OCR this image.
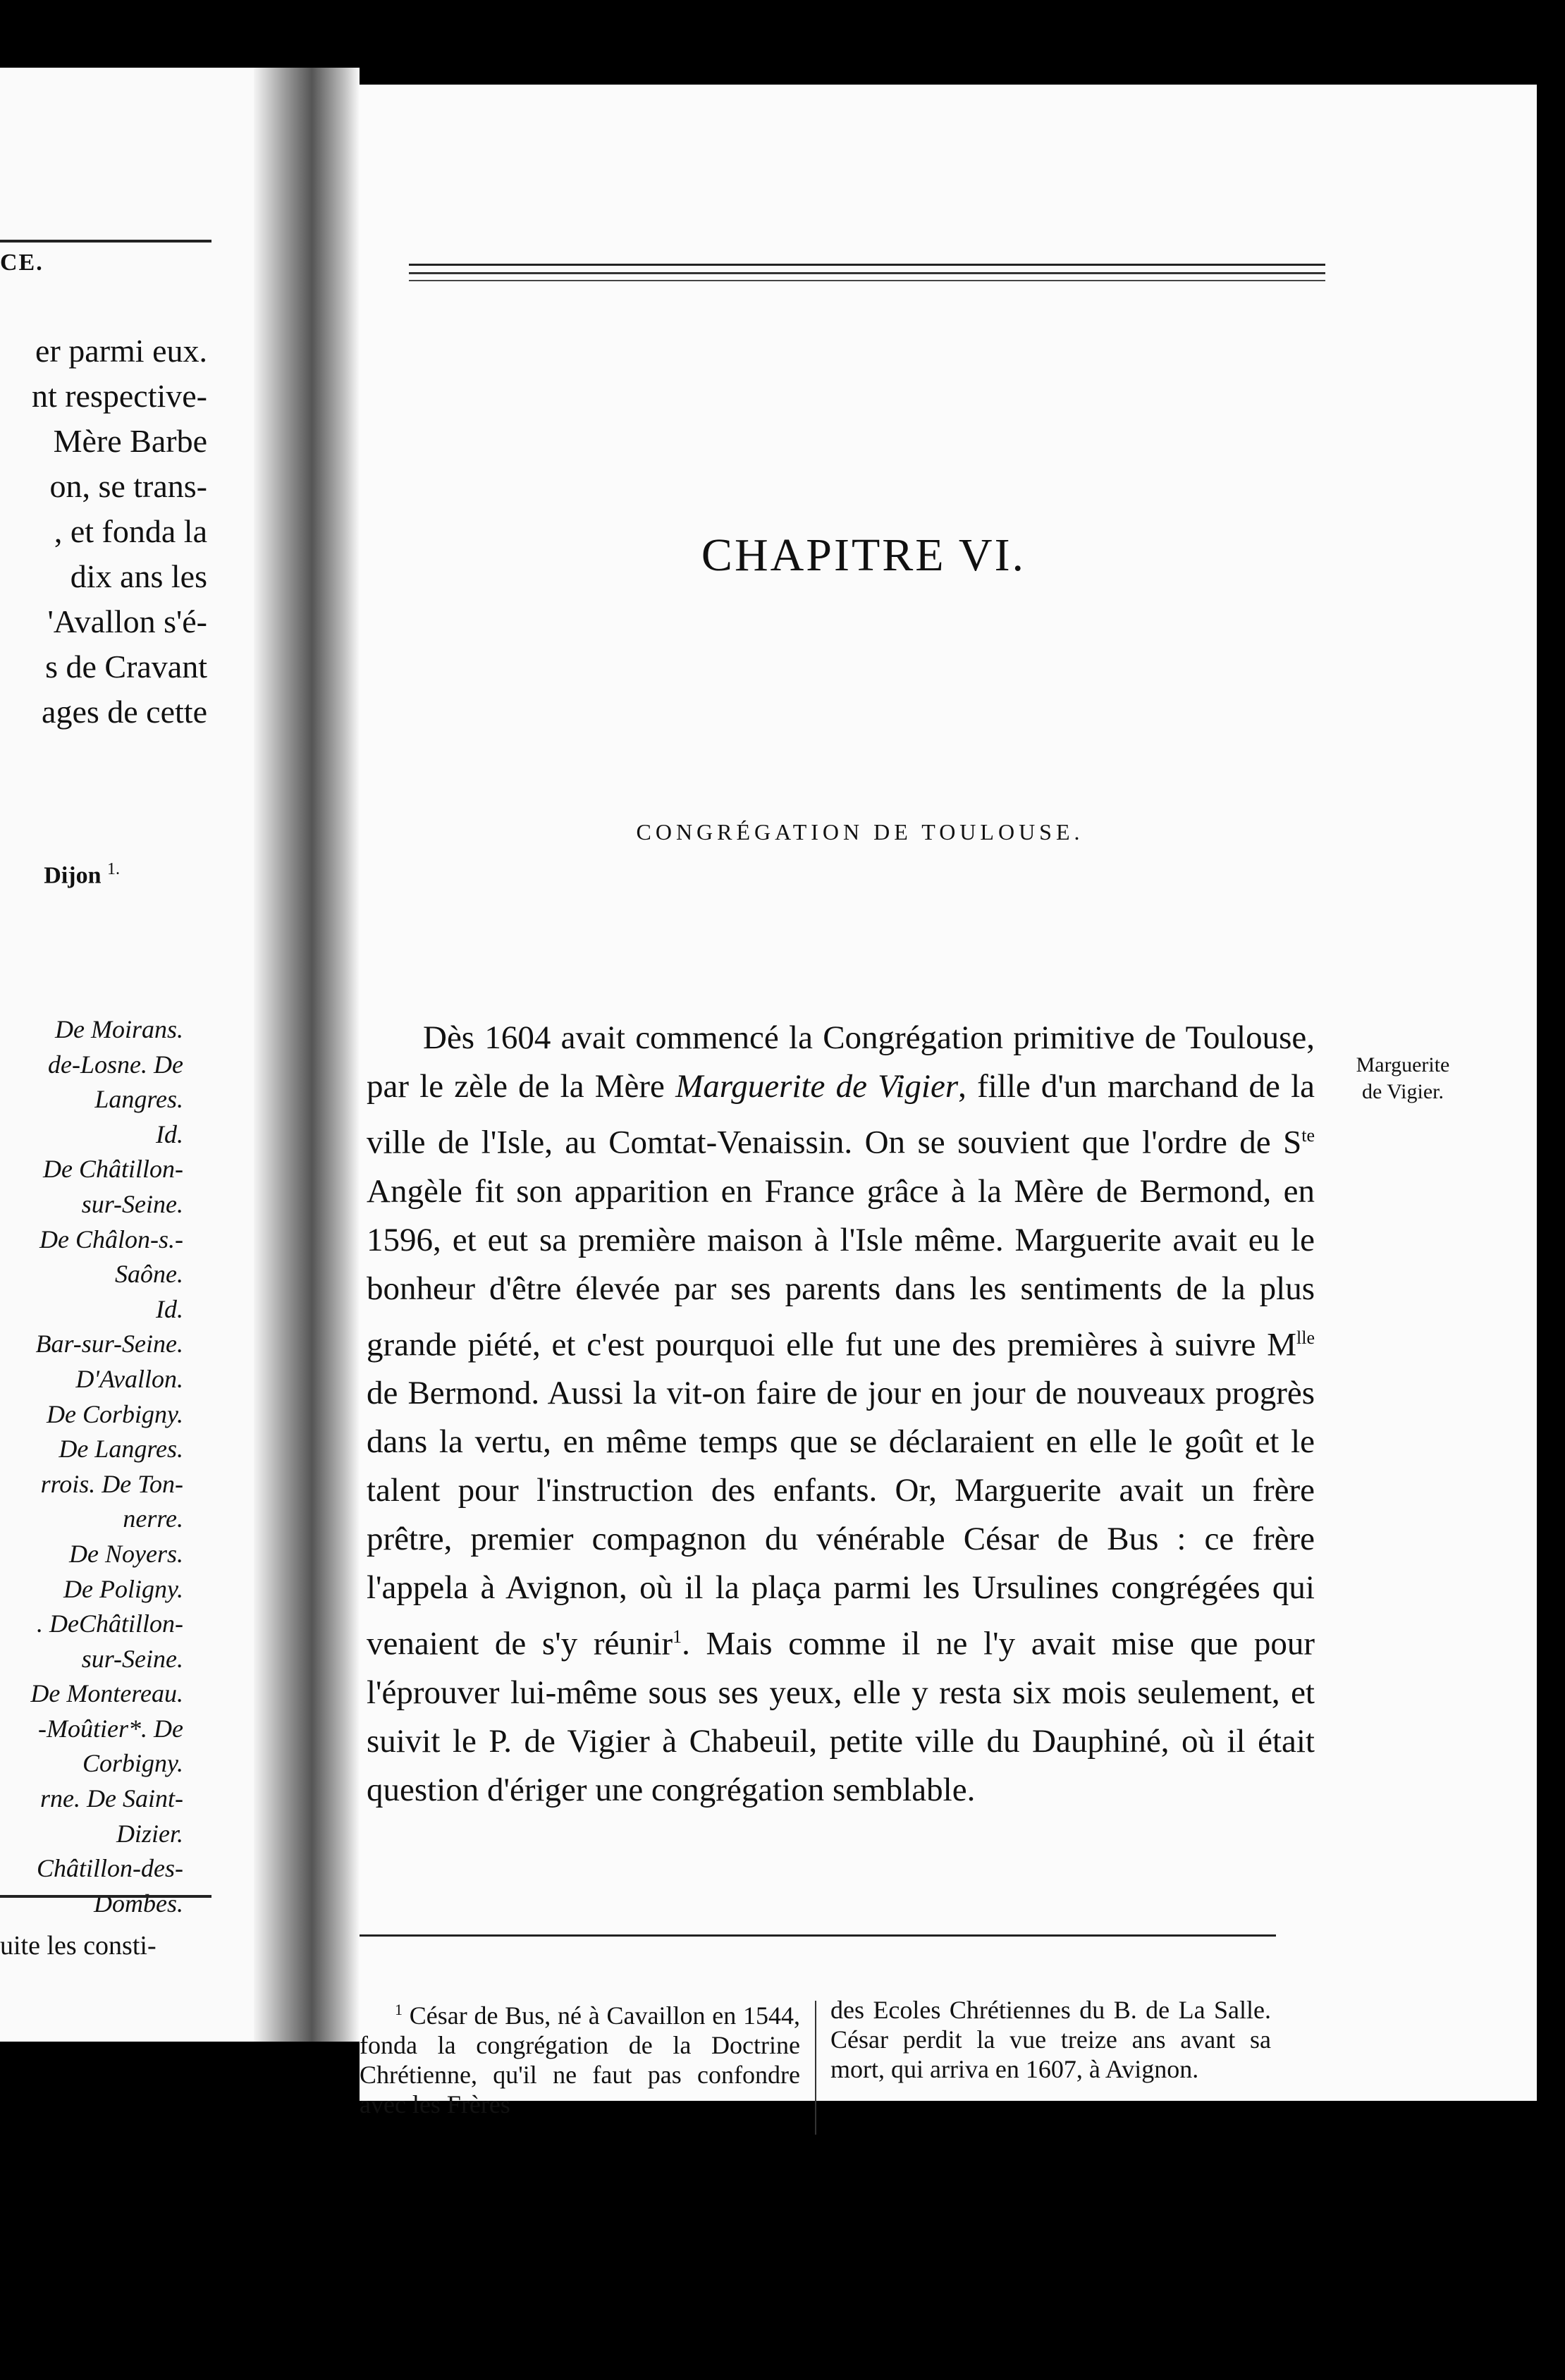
CE.
er parmi eux.
nt respective-
Mère Barbe
on, se trans-
, et fonda la
dix ans les
'Avallon s'é-
s de Cravant
ages de cette
Dijon $^{1.}$
De Moirans.
de-Losne. De
Langres.
Id.
De Châtillon-
sur-Seine.
De Châlon-s.-
Saône.
Id.
Bar-sur-Seine.
D'Avallon.
De Corbigny.
De Langres.
rrois. De Ton-
nerre.
De Noyers.
De Poligny.
. DeChâtillon-
sur-Seine.
De Montereau.
-Moûtier*. De
Corbigny.
rne. De Saint-
Dizier.
Châtillon-des-
Dombes.
uite les consti-
CHAPITRE VI.
CONGRÉGATION DE TOULOUSE.

Dès 1604 avait commencé la Congrégation primitive de Toulouse, par le zèle de la Mère Marguerite de Vigier, fille d'un marchand de la ville de l'Isle, au Comtat-Venaissin. On se souvient que l'ordre de $S^{te}$ Angèle fit son apparition en France grâce à la Mère de Bermond, en 1596, et eut sa première maison à l'Isle même. Marguerite avait eu le bonheur d'être élevée par ses parents dans les sentiments de la plus grande piété, et c'est pourquoi elle fut une des premières à suivre $M^{lle}$ de Bermond. Aussi la vit-on faire de jour en jour de nouveaux progrès dans la vertu, en même temps que se déclaraient en elle le goût et le talent pour l'instruction des enfants. Or, Marguerite avait un frère prêtre, premier compagnon du vénérable César de Bus : ce frère l'appela à Avignon, où il la plaça parmi les Ursulines congrégées qui venaient de s'y réunir$^1$. Mais comme il ne l'y avait mise que pour l'éprouver lui-même sous ses yeux, elle y resta six mois seulement, et suivit le P. de Vigier à Chabeuil, petite ville du Dauphiné, où il était question d'ériger une congrégation semblable.

Marguerite
de Vigier.
$^1$ César de Bus, né à Cavaillon en 1544, fonda la congrégation de la Doctrine Chrétienne, qu'il ne faut pas confondre avec les Frères
des Ecoles Chrétiennes du B. de La Salle. César perdit la vue treize ans avant sa mort, qui arriva en 1607, à Avignon.
